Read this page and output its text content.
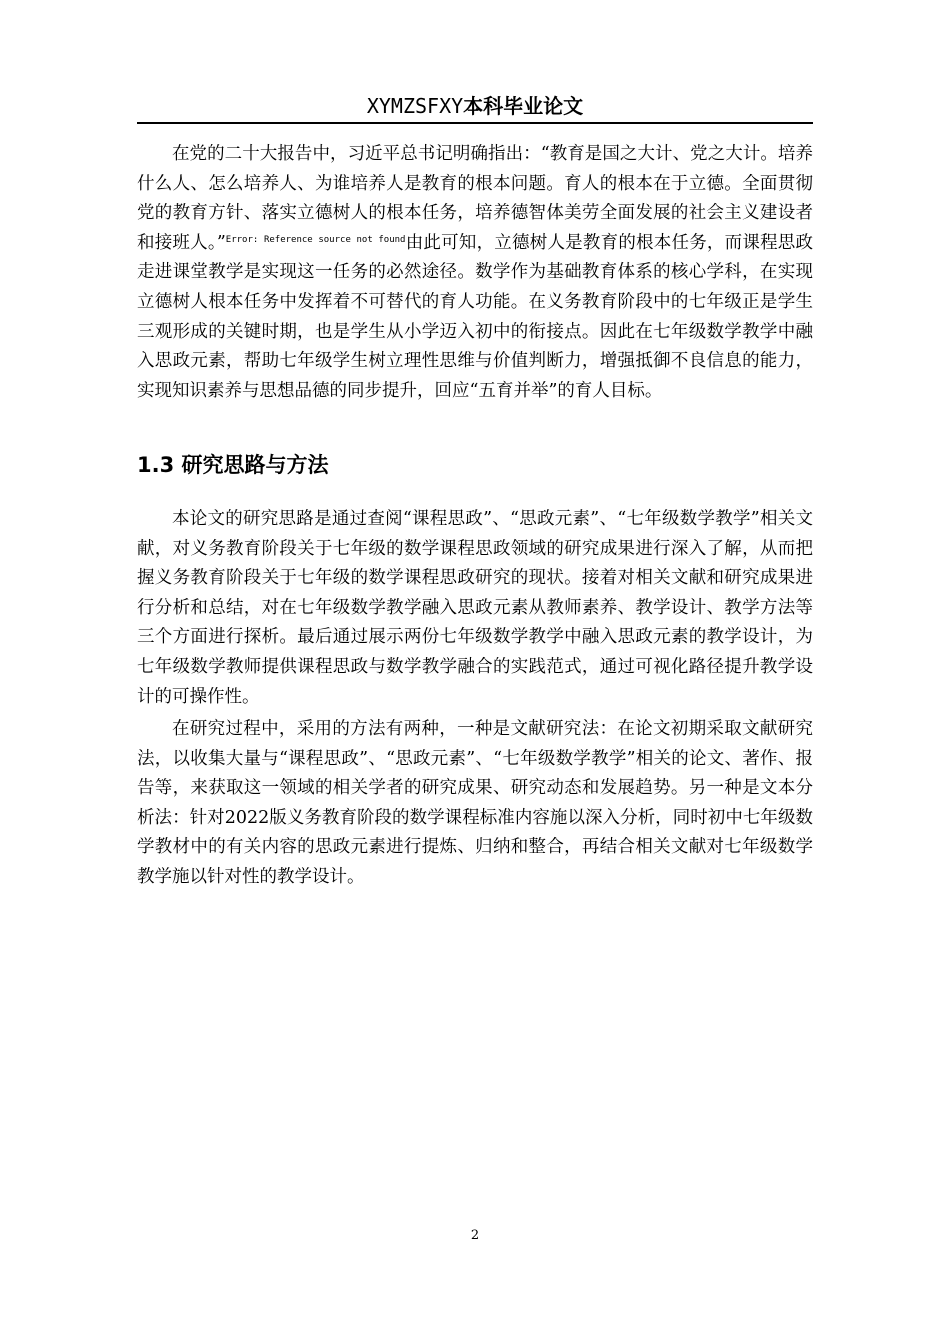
XYMZSFXY本科毕业论文

在党的二十大报告中，习近平总书记明确指出：“教育是国之大计、党之大计。培养什么人、怎么培养人、为谁培养人是教育的根本问题。育人的根本在于立德。全面贯彻党的教育方针、落实立德树人的根本任务，培养德智体美劳全面发展的社会主义建设者和接班人。”$^{Error: Reference source not found}$由此可知，立德树人是教育的根本任务，而课程思政走进课堂教学是实现这一任务的必然途径。数学作为基础教育体系的核心学科，在实现立德树人根本任务中发挥着不可替代的育人功能。在义务教育阶段中的七年级正是学生三观形成的关键时期，也是学生从小学迈入初中的衔接点。因此在七年级数学教学中融入思政元素，帮助七年级学生树立理性思维与价值判断力，增强抵御不良信息的能力，实现知识素养与思想品德的同步提升，回应“五育并举”的育人目标。

1.3 研究思路与方法

本论文的研究思路是通过查阅“课程思政”、“思政元素”、“七年级数学教学”相关文献，对义务教育阶段关于七年级的数学课程思政领域的研究成果进行深入了解，从而把握义务教育阶段关于七年级的数学课程思政研究的现状。接着对相关文献和研究成果进行分析和总结，对在七年级数学教学融入思政元素从教师素养、教学设计、教学方法等三个方面进行探析。最后通过展示两份七年级数学教学中融入思政元素的教学设计，为七年级数学教师提供课程思政与数学教学融合的实践范式，通过可视化路径提升教学设计的可操作性。

在研究过程中，采用的方法有两种，一种是文献研究法：在论文初期采取文献研究法，以收集大量与“课程思政”、“思政元素”、“七年级数学教学”相关的论文、著作、报告等，来获取这一领域的相关学者的研究成果、研究动态和发展趋势。另一种是文本分析法：针对2022版义务教育阶段的数学课程标准内容施以深入分析，同时初中七年级数学教材中的有关内容的思政元素进行提炼、归纳和整合，再结合相关文献对七年级数学教学施以针对性的教学设计。

2
